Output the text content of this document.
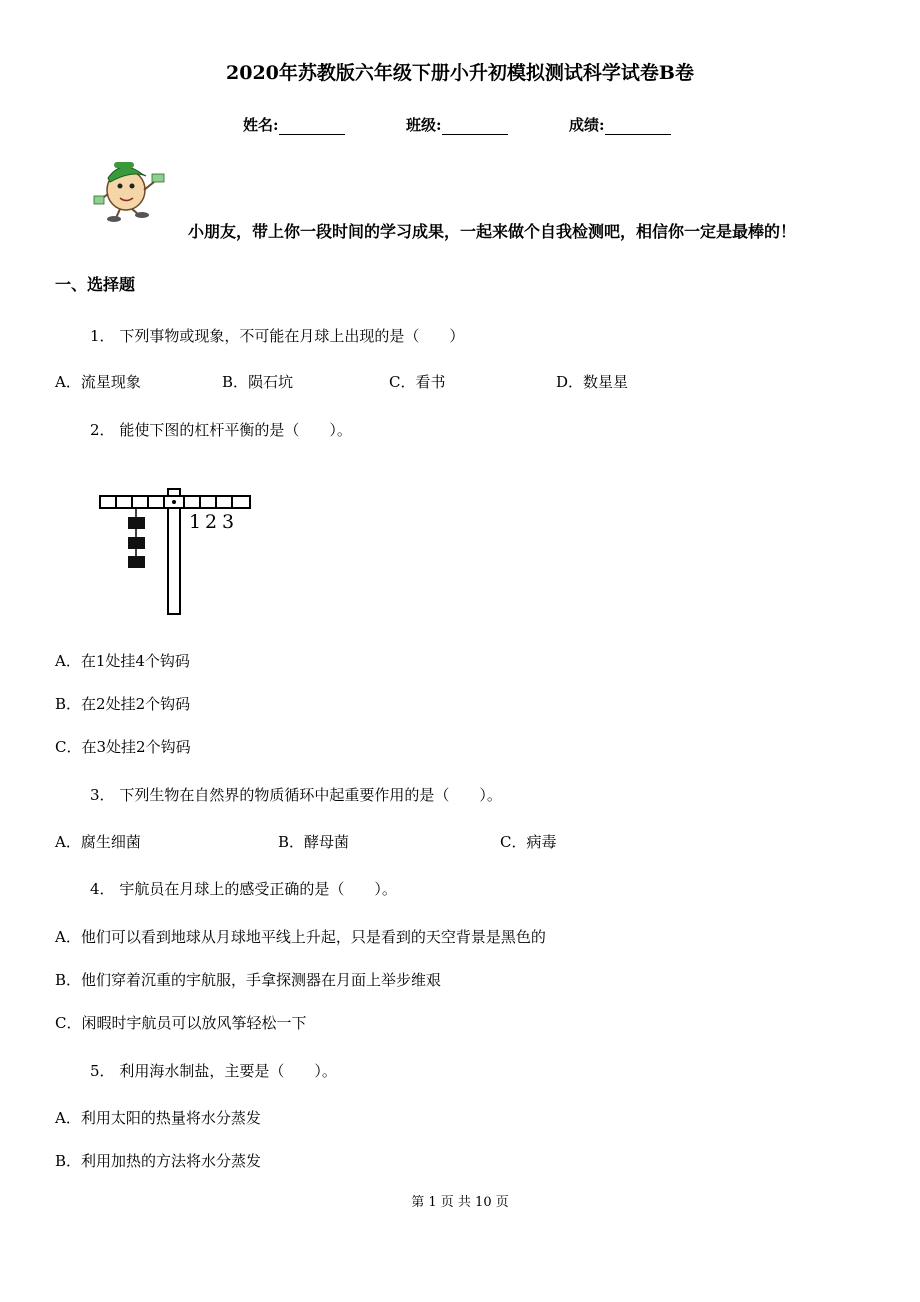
2020年苏教版六年级下册小升初模拟测试科学试卷B卷
姓名:	班级:	成绩:
小朋友，带上你一段时间的学习成果，一起来做个自我检测吧，相信你一定是最棒的！
一、选择题
1． 下列事物或现象，不可能在月球上出现的是（　　）
A．流星现象	B．陨石坑	C．看书	D．数星星
2． 能使下图的杠杆平衡的是（　　）。
1 2 3
A．在1处挂4个钩码
B．在2处挂2个钩码
C．在3处挂2个钩码
3． 下列生物在自然界的物质循环中起重要作用的是（　　）。
A．腐生细菌	B．酵母菌	C．病毒
4． 宇航员在月球上的感受正确的是（　　）。
A．他们可以看到地球从月球地平线上升起，只是看到的天空背景是黑色的
B．他们穿着沉重的宇航服，手拿探测器在月面上举步维艰
C．闲暇时宇航员可以放风筝轻松一下
5． 利用海水制盐，主要是（　　）。
A．利用太阳的热量将水分蒸发
B．利用加热的方法将水分蒸发
第 1 页 共 10 页
